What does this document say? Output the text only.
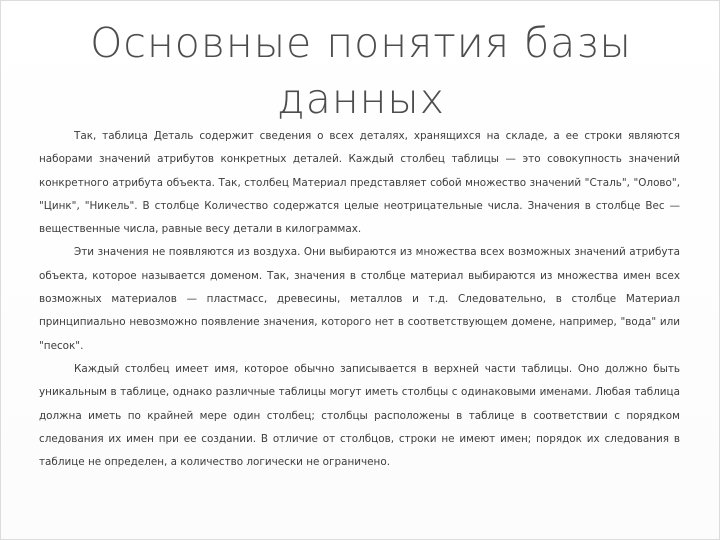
Основные понятия базы данных

Так, таблица Деталь содержит сведения о всех деталях, хранящихся на складе, а ее строки являются наборами значений атрибутов конкретных деталей. Каждый столбец таблицы — это совокупность значений конкретного атрибута объекта. Так, столбец Материал представляет собой множество значений "Сталь", "Олово", "Цинк", "Никель". В столбце Количество содержатся целые неотрицательные числа. Значения в столбце Вес — вещественные числа, равные весу детали в килограммах.

Эти значения не появляются из воздуха. Они выбираются из множества всех возможных значений атрибута объекта, которое называется доменом. Так, значения в столбце материал выбираются из множества имен всех возможных материалов — пластмасс, древесины, металлов и т.д. Следовательно, в столбце Материал принципиально невозможно появление значения, которого нет в соответствующем домене, например, "вода" или "песок".

Каждый столбец имеет имя, которое обычно записывается в верхней части таблицы. Оно должно быть уникальным в таблице, однако различные таблицы могут иметь столбцы с одинаковыми именами. Любая таблица должна иметь по крайней мере один столбец; столбцы расположены в таблице в соответствии с порядком следования их имен при ее создании. В отличие от столбцов, строки не имеют имен; порядок их следования в таблице не определен, а количество логически не ограничено.
